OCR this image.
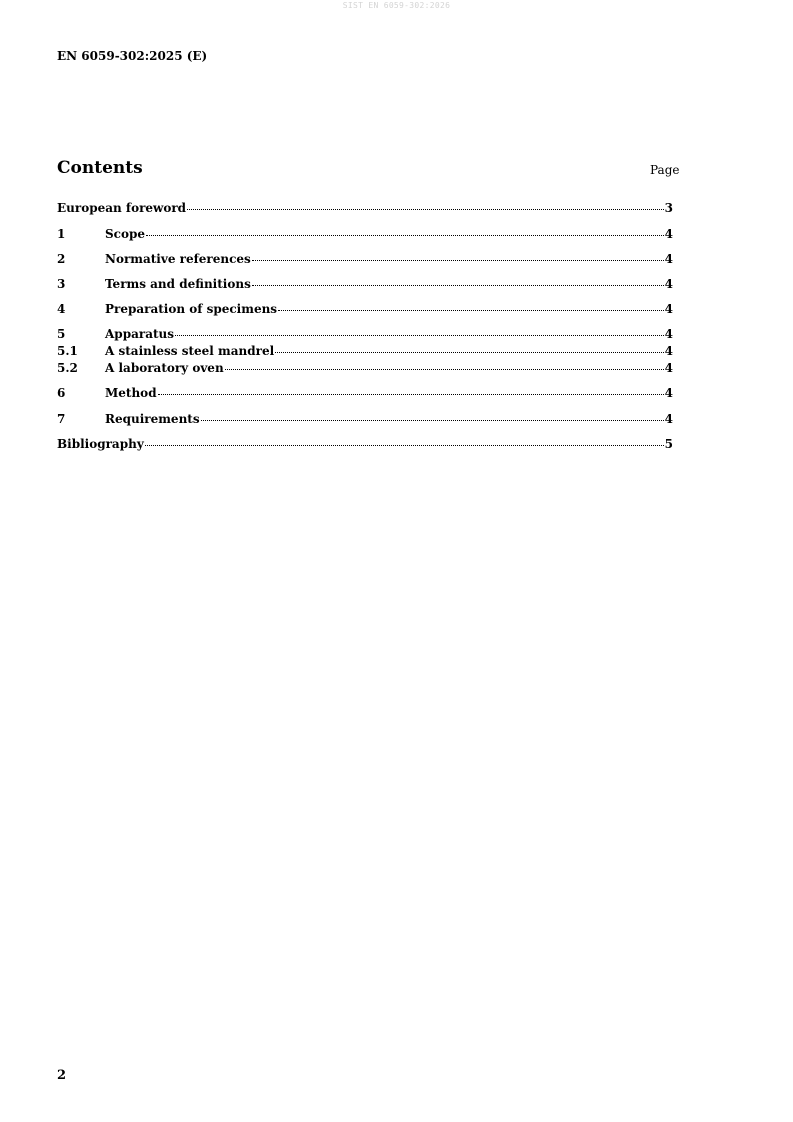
SIST EN 6059-302:2026
EN 6059-302:2025 (E)
Contents	Page
European foreword	3
1	Scope	4
2	Normative references	4
3	Terms and definitions	4
4	Preparation of specimens	4
5	Apparatus	4
5.1	A stainless steel mandrel	4
5.2	A laboratory oven	4
6	Method	4
7	Requirements	4
Bibliography	5
2
